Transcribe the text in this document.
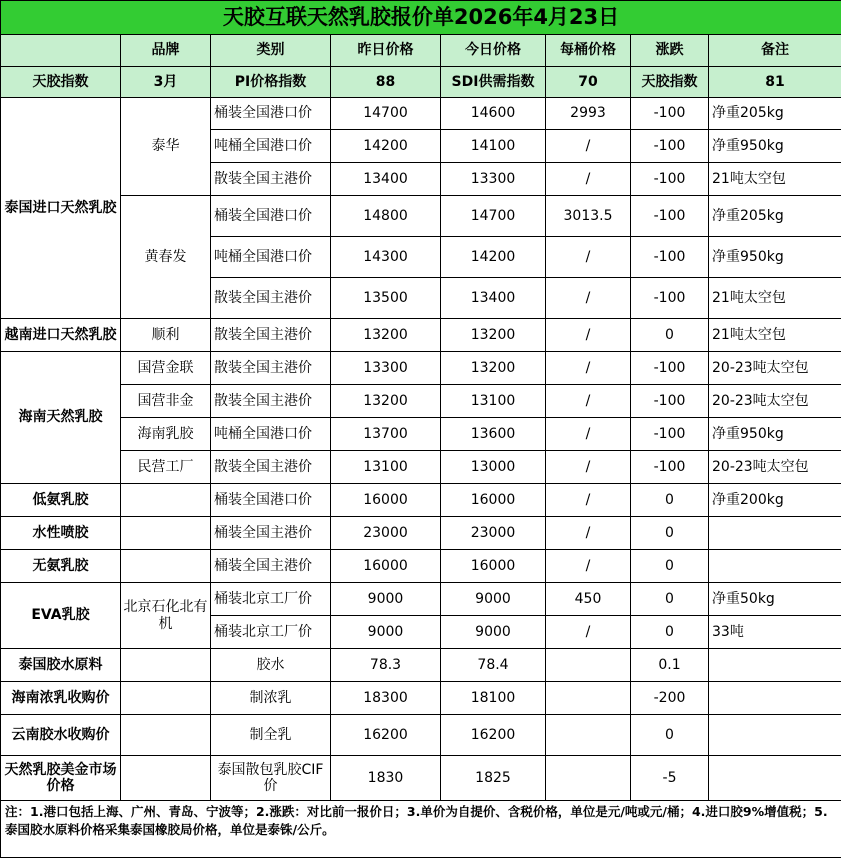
天胶互联天然乳胶报价单2026年4月23日							
	品牌	类别	昨日价格	今日价格	每桶价格	涨跌	备注
天胶指数	3月	PI价格指数	88	SDI供需指数	70	天胶指数	81
泰国进口天然乳胶	泰华	桶装全国港口价	14700	14600	2993	-100	净重205kg
		吨桶全国港口价	14200	14100	/	-100	净重950kg
		散装全国主港价	13400	13300	/	-100	21吨太空包
	黄春发	桶装全国港口价	14800	14700	3013.5	-100	净重205kg
		吨桶全国港口价	14300	14200	/	-100	净重950kg
		散装全国主港价	13500	13400	/	-100	21吨太空包

越南进口天然乳胶	顺利	散装全国主港价	13200	13200	/	0	21吨太空包
海南天然乳胶	国营金联	散装全国主港价	13300	13200	/	-100	20-23吨太空包
	国营非金	散装全国主港价	13200	13100	/	-100	20-23吨太空包
	海南乳胶	吨桶全国港口价	13700	13600	/	-100	净重950kg
	民营工厂	散装全国主港价	13100	13000	/	-100	20-23吨太空包
低氨乳胶		桶装全国港口价	16000	16000	/	0	净重200kg
水性喷胶		桶装全国主港价	23000	23000	/	0	
无氨乳胶		桶装全国主港价	16000	16000	/	0	
EVA乳胶	北京石化北有机	桶装北京工厂价	9000	9000	450	0	净重50kg
		桶装北京工厂价	9000	9000	/	0	33吨
泰国胶水原料		胶水	78.3	78.4		0.1	
海南浓乳收购价		制浓乳	18300	18100		-200	
云南胶水收购价		制全乳	16200	16200		0	
天然乳胶美金市场价格		泰国散包乳胶CIF价	1830	1825		-5	
注：1.港口包括上海、广州、青岛、宁波等；2.涨跌：对比前一报价日；3.单价为自提价、含税价格，单位是元/吨或元/桶；4.进口胶9%增值税；5.泰国胶水原料价格采集泰国橡胶局价格，单位是泰铢/公斤。							
